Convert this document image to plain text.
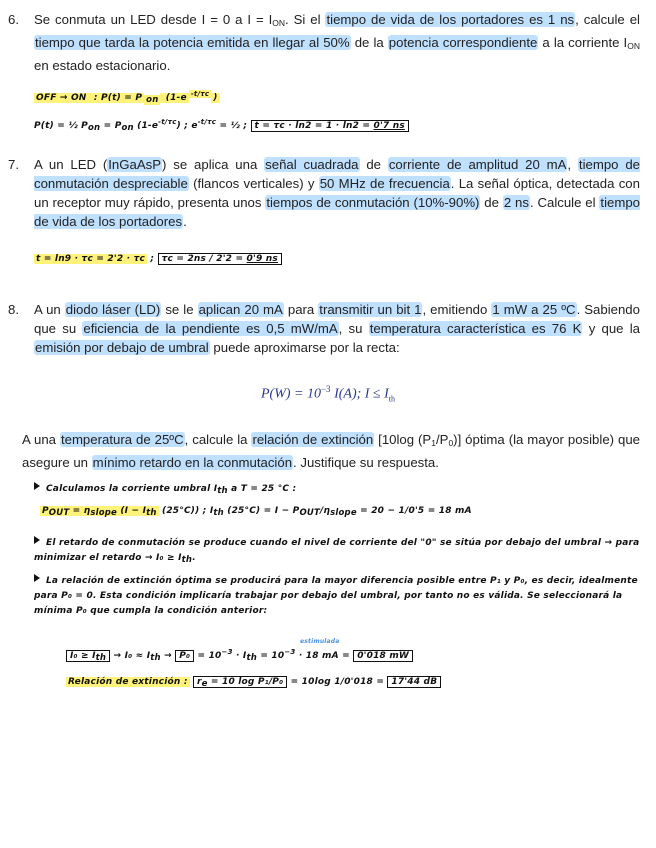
6. Se conmuta un LED desde I = 0 a $I = I_{ON}$. Si el tiempo de vida de los portadores es 1 ns, calcule el tiempo que tarda la potencia emitida en llegar al 50% de la potencia correspondiente a la corriente $I_{ON}$ en estado estacionario.
OFF → ON : P(t) = P on (1-e $^{-t/\tau c}$ )
P(t) = ½ Pon = Pon $(1-e^{-t/\tau c})$ ; $e^{-t/\tau c}$ = ½ ; t = τc · ln2 = 1 · ln2 = 0'7 ns
7. A un LED (InGaAsP) se aplica una señal cuadrada de corriente de amplitud 20 mA, tiempo de conmutación despreciable (flancos verticales) y 50 MHz de frecuencia. La señal óptica, detectada con un receptor muy rápido, presenta unos tiempos de conmutación (10%-90%) de 2 ns. Calcule el tiempo de vida de los portadores.
t = ln9 · τc = 2'2 · τc ; τc = 2ns / 2'2 = 0'9 ns
8. A un diodo láser (LD) se le aplican 20 mA para transmitir un bit 1, emitiendo 1 mW a 25 ºC. Sabiendo que su eficiencia de la pendiente es 0,5 mW/mA, su temperatura característica es 76 K y que la emisión por debajo de umbral puede aproximarse por la recta:
$P(W) = 10^{-3}$ I(A); $I \le I_{th}$
A una temperatura de 25ºC, calcule la relación de extinción [10log $(P_1/P_0)$] óptima (la mayor posible) que asegure un mínimo retardo en la conmutación. Justifique su respuesta.
Calculamos la corriente umbral Ith a T = 25 °C :
POUT = ηslope (I − Ith (25°C)) ; Ith (25°C) = I − POUT/ηslope = 20 − 1/0'5 = 18 mA
El retardo de conmutación se produce cuando el nivel de corriente del "0" se sitúa por debajo del umbral → para minimizar el retardo → I₀ ≥ Ith.
La relación de extinción óptima se producirá para la mayor diferencia posible entre P₁ y P₀, es decir, idealmente para P₀ = 0. Esta condición implicaría trabajar por debajo del umbral, por tanto no es válida. Se seleccionará la mínima P₀ que cumpla la condición anterior:
estimulada
I₀ ≥ Ith → I₀ ≈ Ith → $P_0 = 10^{-3}$ · Ith = $10^{-3} \cdot 18$ mA = 0'018 mW
Relación de extinción : re = 10 log P₁/P₀ = 10log 1/0'018 = 17'44 dB
